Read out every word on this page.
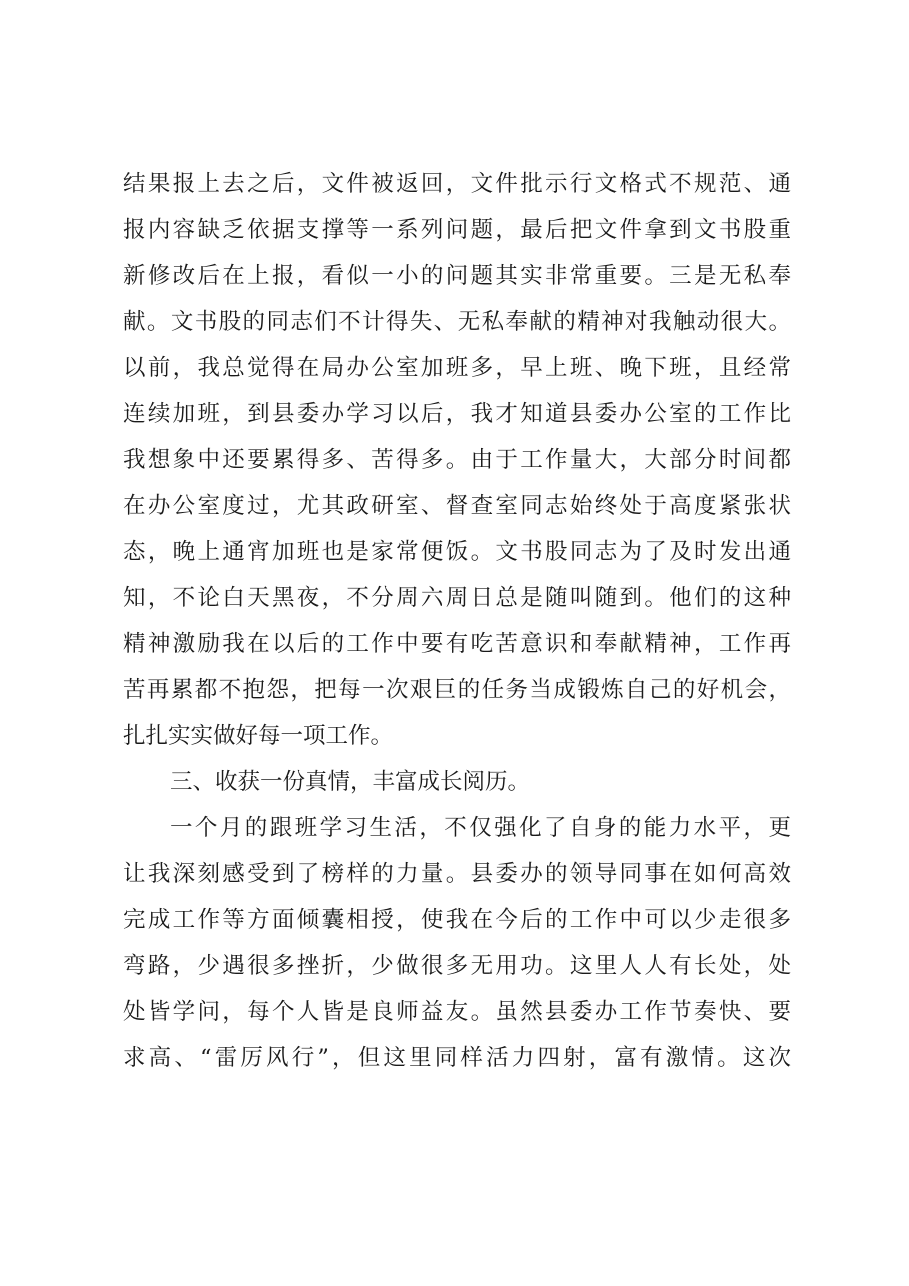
结果报上去之后，文件被返回，文件批示行文格式不规范、通
报内容缺乏依据支撑等一系列问题，最后把文件拿到文书股重
新修改后在上报，看似一小的问题其实非常重要。三是无私奉
献。文书股的同志们不计得失、无私奉献的精神对我触动很大。
以前，我总觉得在局办公室加班多，早上班、晚下班，且经常
连续加班，到县委办学习以后，我才知道县委办公室的工作比
我想象中还要累得多、苦得多。由于工作量大，大部分时间都
在办公室度过，尤其政研室、督查室同志始终处于高度紧张状
态，晚上通宵加班也是家常便饭。文书股同志为了及时发出通
知，不论白天黑夜，不分周六周日总是随叫随到。他们的这种
精神激励我在以后的工作中要有吃苦意识和奉献精神，工作再
苦再累都不抱怨，把每一次艰巨的任务当成锻炼自己的好机会，
扎扎实实做好每一项工作。
三、收获一份真情，丰富成长阅历。
一个月的跟班学习生活，不仅强化了自身的能力水平，更
让我深刻感受到了榜样的力量。县委办的领导同事在如何高效
完成工作等方面倾囊相授，使我在今后的工作中可以少走很多
弯路，少遇很多挫折，少做很多无用功。这里人人有长处，处
处皆学问，每个人皆是良师益友。虽然县委办工作节奏快、要
求高、“雷厉风行”，但这里同样活力四射，富有激情。这次
